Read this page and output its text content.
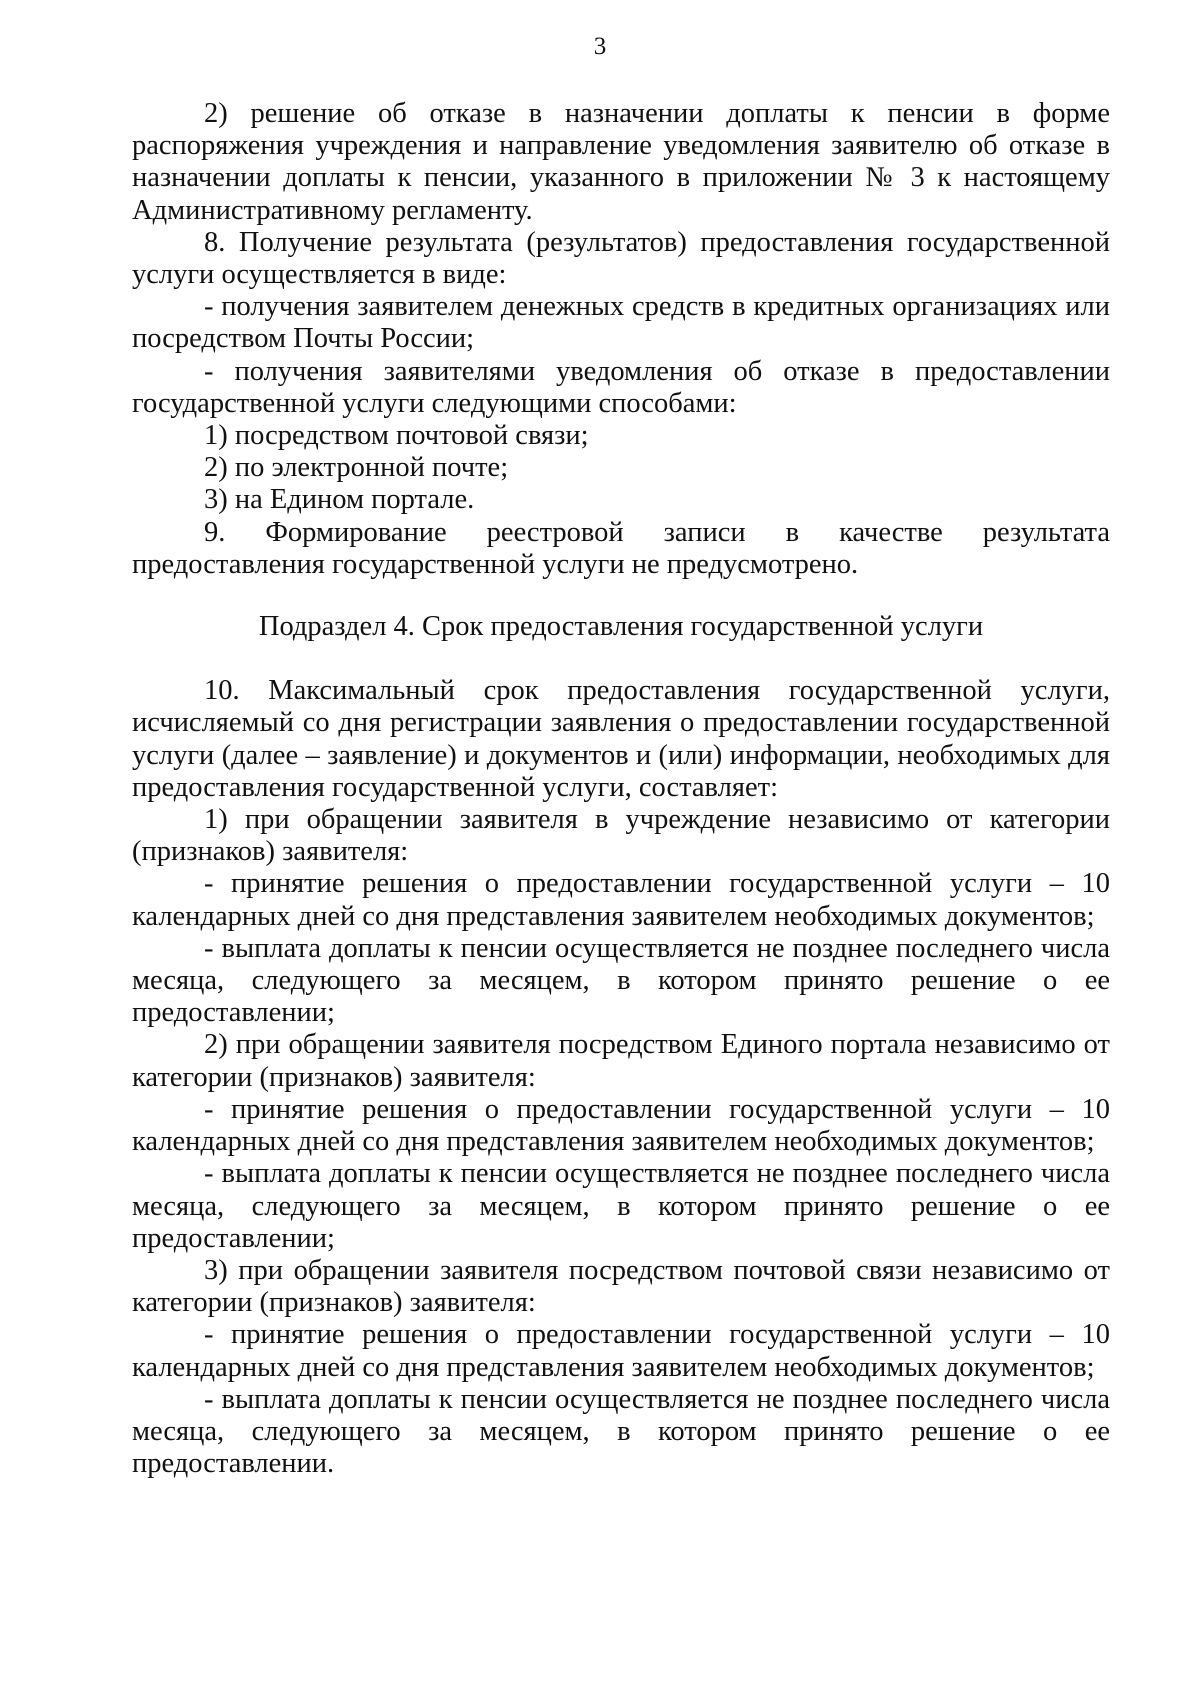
3

2) решение об отказе в назначении доплаты к пенсии в форме распоряжения учреждения и направление уведомления заявителю об отказе в назначении доплаты к пенсии, указанного в приложении № 3 к настоящему Административному регламенту.

8. Получение результата (результатов) предоставления государственной услуги осуществляется в виде:

- получения заявителем денежных средств в кредитных организациях или посредством Почты России;

- получения заявителями уведомления об отказе в предоставлении государственной услуги следующими способами:

1) посредством почтовой связи;

2) по электронной почте;

3) на Едином портале.

9. Формирование реестровой записи в качестве результата предоставления государственной услуги не предусмотрено.

Подраздел 4. Срок предоставления государственной услуги

10. Максимальный срок предоставления государственной услуги, исчисляемый со дня регистрации заявления о предоставлении государственной услуги (далее – заявление) и документов и (или) информации, необходимых для предоставления государственной услуги, составляет:

1) при обращении заявителя в учреждение независимо от категории (признаков) заявителя:

- принятие решения о предоставлении государственной услуги – 10 календарных дней со дня представления заявителем необходимых документов;

- выплата доплаты к пенсии осуществляется не позднее последнего числа месяца, следующего за месяцем, в котором принято решение о ее предоставлении;

2) при обращении заявителя посредством Единого портала независимо от категории (признаков) заявителя:

- принятие решения о предоставлении государственной услуги – 10 календарных дней со дня представления заявителем необходимых документов;

- выплата доплаты к пенсии осуществляется не позднее последнего числа месяца, следующего за месяцем, в котором принято решение о ее предоставлении;

3) при обращении заявителя посредством почтовой связи независимо от категории (признаков) заявителя:

- принятие решения о предоставлении государственной услуги – 10 календарных дней со дня представления заявителем необходимых документов;

- выплата доплаты к пенсии осуществляется не позднее последнего числа месяца, следующего за месяцем, в котором принято решение о ее предоставлении.
